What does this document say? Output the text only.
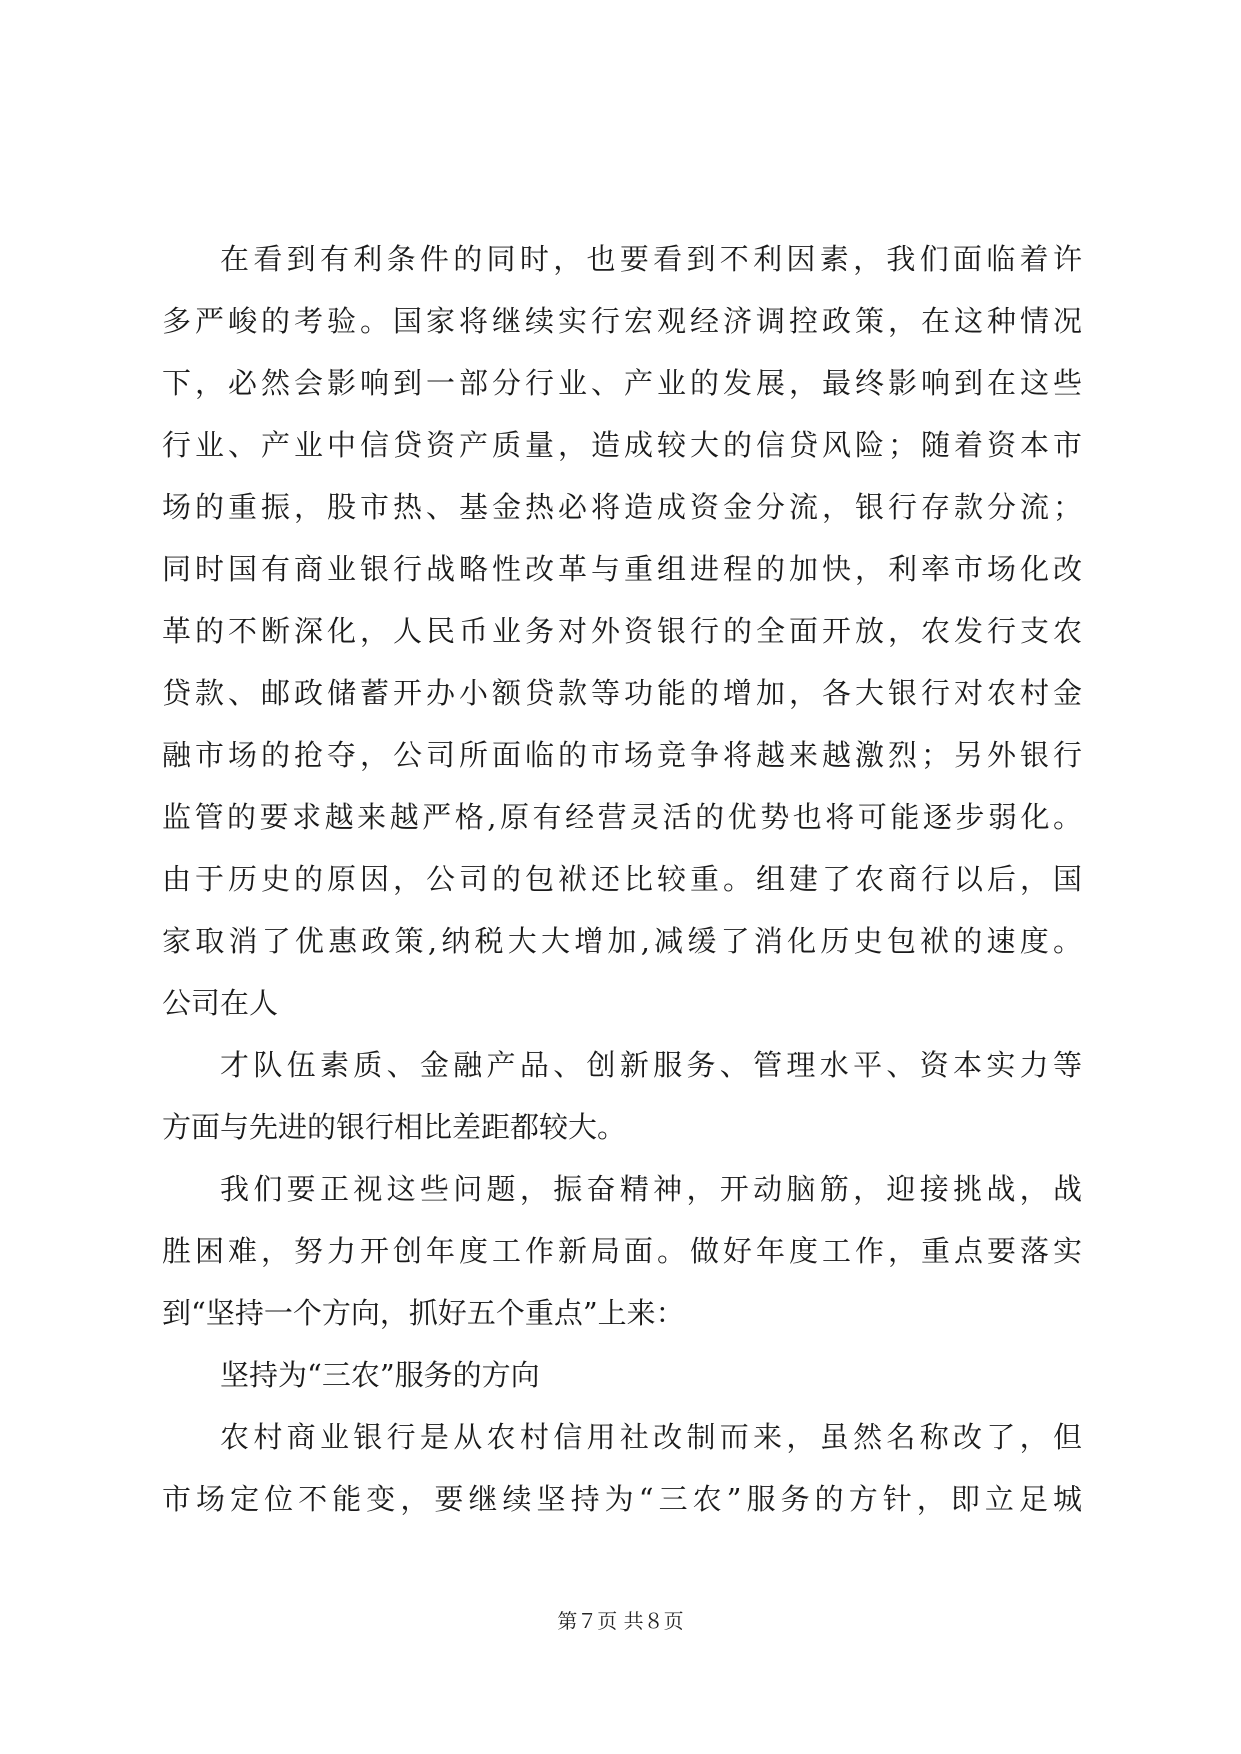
在看到有利条件的同时，也要看到不利因素，我们面临着许
多严峻的考验。国家将继续实行宏观经济调控政策，在这种情况
下，必然会影响到一部分行业、产业的发展，最终影响到在这些
行业、产业中信贷资产质量，造成较大的信贷风险；随着资本市
场的重振，股市热、基金热必将造成资金分流，银行存款分流；
同时国有商业银行战略性改革与重组进程的加快，利率市场化改
革的不断深化，人民币业务对外资银行的全面开放，农发行支农
贷款、邮政储蓄开办小额贷款等功能的增加，各大银行对农村金
融市场的抢夺，公司所面临的市场竞争将越来越激烈；另外银行
监管的要求越来越严格,原有经营灵活的优势也将可能逐步弱化。
由于历史的原因，公司的包袱还比较重。组建了农商行以后，国
家取消了优惠政策,纳税大大增加,减缓了消化历史包袱的速度。
公司在人
才队伍素质、金融产品、创新服务、管理水平、资本实力等
方面与先进的银行相比差距都较大。
我们要正视这些问题，振奋精神，开动脑筋，迎接挑战，战
胜困难，努力开创年度工作新局面。做好年度工作，重点要落实
到“坚持一个方向，抓好五个重点”上来：
坚持为“三农”服务的方向
农村商业银行是从农村信用社改制而来，虽然名称改了，但
市场定位不能变，要继续坚持为“三农”服务的方针，即立足城
第７页 共８页
